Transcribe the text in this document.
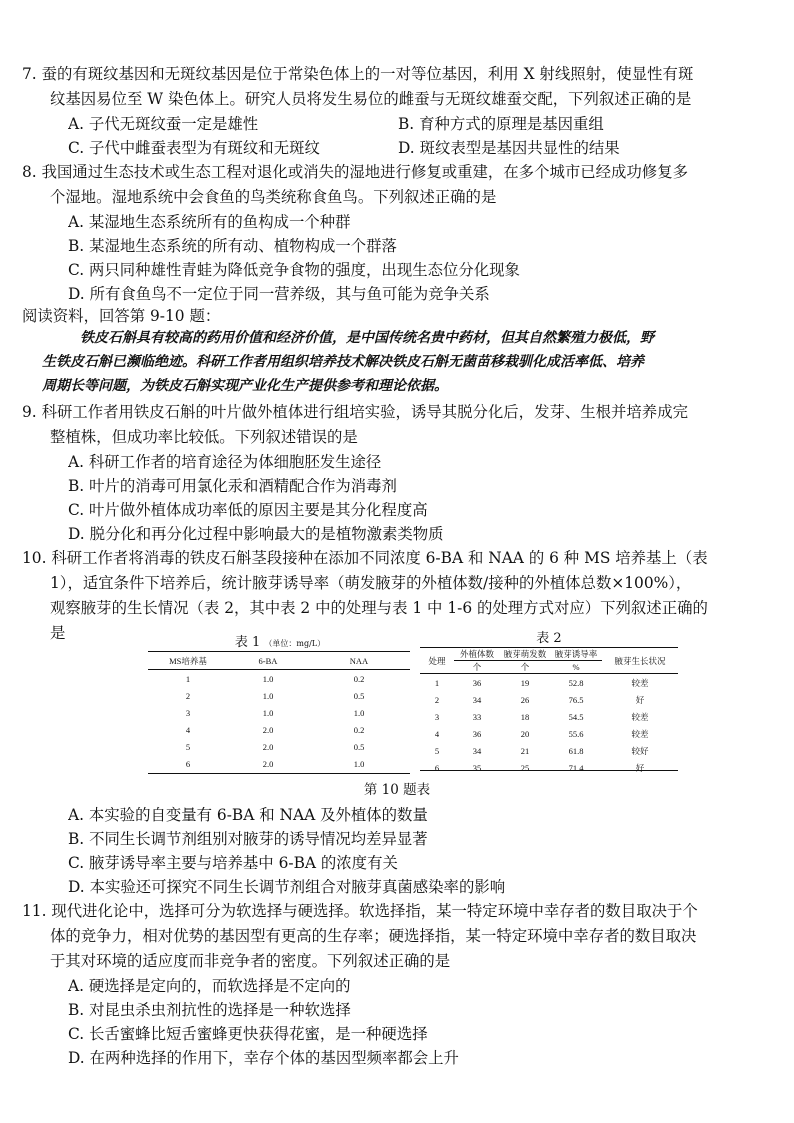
7. 蚕的有斑纹基因和无斑纹基因是位于常染色体上的一对等位基因，利用 X 射线照射，使显性有斑
纹基因易位至 W 染色体上。研究人员将发生易位的雌蚕与无斑纹雄蚕交配，下列叙述正确的是
A. 子代无斑纹蚕一定是雄性	B. 育种方式的原理是基因重组
C. 子代中雌蚕表型为有斑纹和无斑纹	D. 斑纹表型是基因共显性的结果
8. 我国通过生态技术或生态工程对退化或消失的湿地进行修复或重建，在多个城市已经成功修复多
个湿地。湿地系统中会食鱼的鸟类统称食鱼鸟。下列叙述正确的是
A. 某湿地生态系统所有的鱼构成一个种群
B. 某湿地生态系统的所有动、植物构成一个群落
C. 两只同种雄性青蛙为降低竞争食物的强度，出现生态位分化现象
D. 所有食鱼鸟不一定位于同一营养级，其与鱼可能为竞争关系
阅读资料，回答第 9-10 题：
铁皮石斛具有较高的药用价值和经济价值，是中国传统名贵中药材，但其自然繁殖力极低，野
生铁皮石斛已濒临绝迹。科研工作者用组织培养技术解决铁皮石斛无菌苗移栽驯化成活率低、培养
周期长等问题，为铁皮石斛实现产业化生产提供参考和理论依据。
9. 科研工作者用铁皮石斛的叶片做外植体进行组培实验，诱导其脱分化后，发芽、生根并培养成完
整植株，但成功率比较低。下列叙述错误的是
A. 科研工作者的培育途径为体细胞胚发生途径
B. 叶片的消毒可用氯化汞和酒精配合作为消毒剂
C. 叶片做外植体成功率低的原因主要是其分化程度高
D. 脱分化和再分化过程中影响最大的是植物激素类物质
10. 科研工作者将消毒的铁皮石斛茎段接种在添加不同浓度 6-BA 和 NAA 的 6 种 MS 培养基上（表
1），适宜条件下培养后，统计腋芽诱导率（萌发腋芽的外植体数/接种的外植体总数×100%），
观察腋芽的生长情况（表 2，其中表 2 中的处理与表 1 中 1-6 的处理方式对应）下列叙述正确的
是
表 1 （单位：mg/L）
MS培养基	6-BA	NAA
1	1.0	0.2
2	1.0	0.5
3	1.0	1.0
4	2.0	0.2
5	2.0	0.5
6	2.0	1.0
表 2
处理	外植体数	腋芽萌发数	腋芽诱导率	腋芽生长状况
	个	个	%	
1	36	19	52.8	较差
2	34	26	76.5	好
3	33	18	54.5	较差
4	36	20	55.6	较差
5	34	21	61.8	较好
6	35	25	71.4	好
第 10 题表
A. 本实验的自变量有 6-BA 和 NAA 及外植体的数量
B. 不同生长调节剂组别对腋芽的诱导情况均差异显著
C. 腋芽诱导率主要与培养基中 6-BA 的浓度有关
D. 本实验还可探究不同生长调节剂组合对腋芽真菌感染率的影响
11. 现代进化论中，选择可分为软选择与硬选择。软选择指，某一特定环境中幸存者的数目取决于个
体的竞争力，相对优势的基因型有更高的生存率；硬选择指，某一特定环境中幸存者的数目取决
于其对环境的适应度而非竞争者的密度。下列叙述正确的是
A. 硬选择是定向的，而软选择是不定向的
B. 对昆虫杀虫剂抗性的选择是一种软选择
C. 长舌蜜蜂比短舌蜜蜂更快获得花蜜，是一种硬选择
D. 在两种选择的作用下，幸存个体的基因型频率都会上升
